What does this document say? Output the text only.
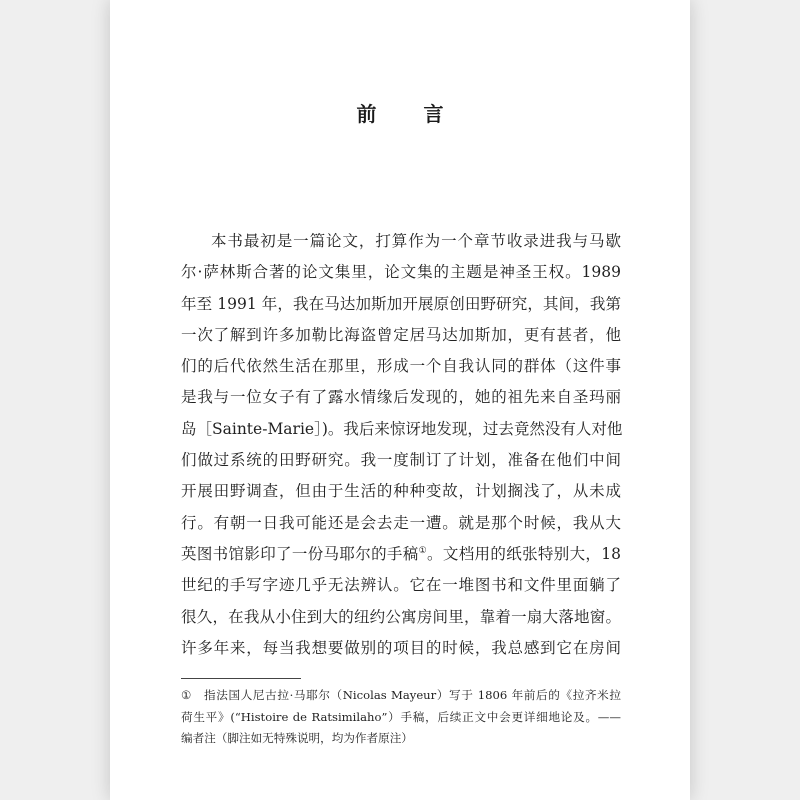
前 言
本书最初是一篇论文，打算作为一个章节收录进我与马歇
尔·萨林斯合著的论文集里，论文集的主题是神圣王权。1989
年至 1991 年，我在马达加斯加开展原创田野研究，其间，我第
一次了解到许多加勒比海盗曾定居马达加斯加，更有甚者，他
们的后代依然生活在那里，形成一个自我认同的群体（这件事
是我与一位女子有了露水情缘后发现的，她的祖先来自圣玛丽
岛［Sainte-Marie］)。我后来惊讶地发现，过去竟然没有人对他
们做过系统的田野研究。我一度制订了计划，准备在他们中间
开展田野调查，但由于生活的种种变故，计划搁浅了，从未成
行。有朝一日我可能还是会去走一遭。就是那个时候，我从大
英图书馆影印了一份马耶尔的手稿①。文档用的纸张特别大，18
世纪的手写字迹几乎无法辨认。它在一堆图书和文件里面躺了
很久，在我从小住到大的纽约公寓房间里，靠着一扇大落地窗。
许多年来，每当我想要做别的项目的时候，我总感到它在房间
① 指法国人尼古拉·马耶尔（Nicolas Mayeur）写于 1806 年前后的《拉齐米拉
荷生平》(“Histoire de Ratsimilaho”）手稿，后续正文中会更详细地论及。——
编者注（脚注如无特殊说明，均为作者原注）
